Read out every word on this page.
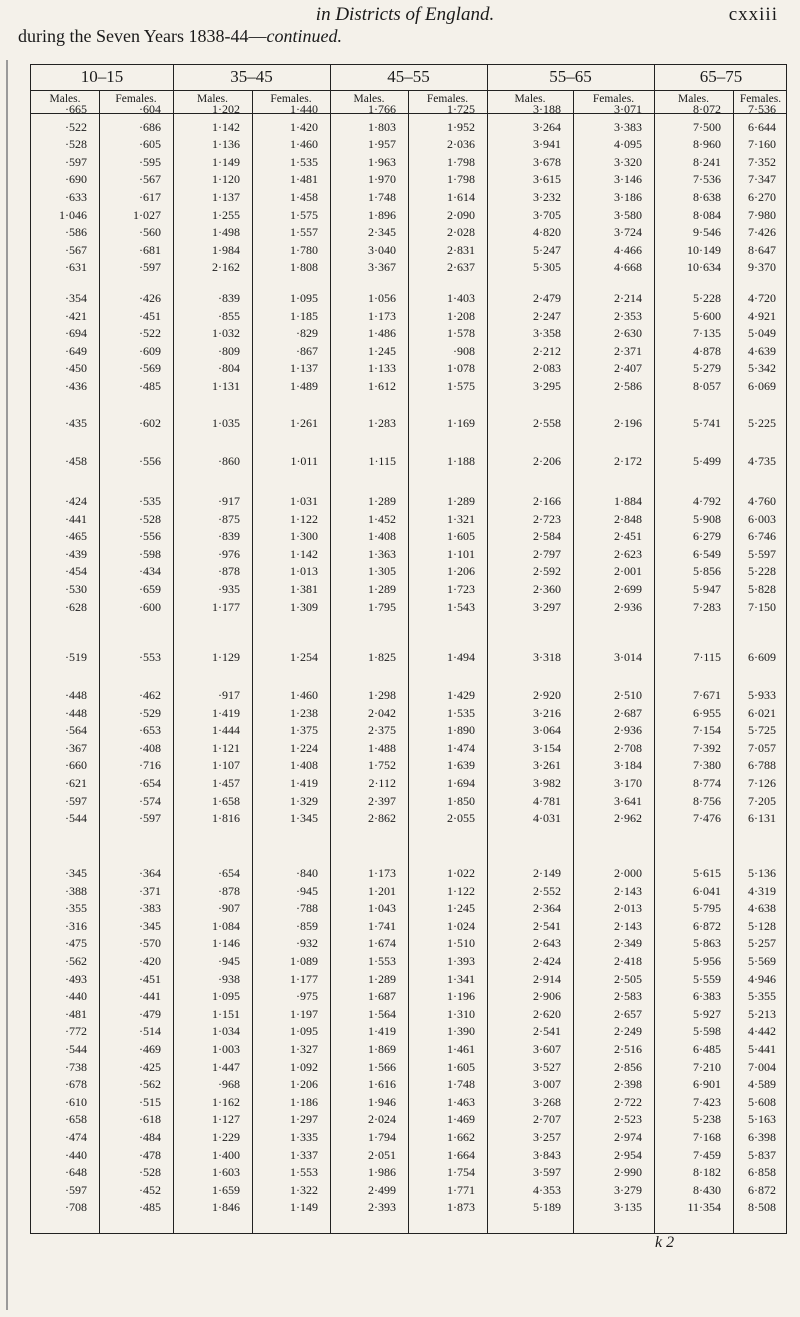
in Districts of England.	cxxiii
during the Seven Years 1838-44—continued.
10–15
Males.	Females.
35–45
Males.	Females.
45–55
Males.	Females.
55–65
Males.	Females.
65–75
Males.	Females.
·665	·604	1·202	1·440	1·766	1·725	3·188	3·071	8·072	7·536
·522	·686	1·142	1·420	1·803	1·952	3·264	3·383	7·500	6·644
·528	·605	1·136	1·460	1·957	2·036	3·941	4·095	8·960	7·160
·597	·595	1·149	1·535	1·963	1·798	3·678	3·320	8·241	7·352
·690	·567	1·120	1·481	1·970	1·798	3·615	3·146	7·536	7·347
·633	·617	1·137	1·458	1·748	1·614	3·232	3·186	8·638	6·270
1·046	1·027	1·255	1·575	1·896	2·090	3·705	3·580	8·084	7·980
·586	·560	1·498	1·557	2·345	2·028	4·820	3·724	9·546	7·426
·567	·681	1·984	1·780	3·040	2·831	5·247	4·466	10·149	8·647
·631	·597	2·162	1·808	3·367	2·637	5·305	4·668	10·634	9·370
·354	·426	·839	1·095	1·056	1·403	2·479	2·214	5·228	4·720
·421	·451	·855	1·185	1·173	1·208	2·247	2·353	5·600	4·921
·694	·522	1·032	·829	1·486	1·578	3·358	2·630	7·135	5·049
·649	·609	·809	·867	1·245	·908	2·212	2·371	4·878	4·639
·450	·569	·804	1·137	1·133	1·078	2·083	2·407	5·279	5·342
·436	·485	1·131	1·489	1·612	1·575	3·295	2·586	8·057	6·069
·435	·602	1·035	1·261	1·283	1·169	2·558	2·196	5·741	5·225
·458	·556	·860	1·011	1·115	1·188	2·206	2·172	5·499	4·735
·424	·535	·917	1·031	1·289	1·289	2·166	1·884	4·792	4·760
·441	·528	·875	1·122	1·452	1·321	2·723	2·848	5·908	6·003
·465	·556	·839	1·300	1·408	1·605	2·584	2·451	6·279	6·746
·439	·598	·976	1·142	1·363	1·101	2·797	2·623	6·549	5·597
·454	·434	·878	1·013	1·305	1·206	2·592	2·001	5·856	5·228
·530	·659	·935	1·381	1·289	1·723	2·360	2·699	5·947	5·828
·628	·600	1·177	1·309	1·795	1·543	3·297	2·936	7·283	7·150
·519	·553	1·129	1·254	1·825	1·494	3·318	3·014	7·115	6·609
·448	·462	·917	1·460	1·298	1·429	2·920	2·510	7·671	5·933
·448	·529	1·419	1·238	2·042	1·535	3·216	2·687	6·955	6·021
·564	·653	1·444	1·375	2·375	1·890	3·064	2·936	7·154	5·725
·367	·408	1·121	1·224	1·488	1·474	3·154	2·708	7·392	7·057
·660	·716	1·107	1·408	1·752	1·639	3·261	3·184	7·380	6·788
·621	·654	1·457	1·419	2·112	1·694	3·982	3·170	8·774	7·126
·597	·574	1·658	1·329	2·397	1·850	4·781	3·641	8·756	7·205
·544	·597	1·816	1·345	2·862	2·055	4·031	2·962	7·476	6·131
·345	·364	·654	·840	1·173	1·022	2·149	2·000	5·615	5·136
·388	·371	·878	·945	1·201	1·122	2·552	2·143	6·041	4·319
·355	·383	·907	·788	1·043	1·245	2·364	2·013	5·795	4·638
·316	·345	1·084	·859	1·741	1·024	2·541	2·143	6·872	5·128
·475	·570	1·146	·932	1·674	1·510	2·643	2·349	5·863	5·257
·562	·420	·945	1·089	1·553	1·393	2·424	2·418	5·956	5·569
·493	·451	·938	1·177	1·289	1·341	2·914	2·505	5·559	4·946
·440	·441	1·095	·975	1·687	1·196	2·906	2·583	6·383	5·355
·481	·479	1·151	1·197	1·564	1·310	2·620	2·657	5·927	5·213
·772	·514	1·034	1·095	1·419	1·390	2·541	2·249	5·598	4·442
·544	·469	1·003	1·327	1·869	1·461	3·607	2·516	6·485	5·441
·738	·425	1·447	1·092	1·566	1·605	3·527	2·856	7·210	7·004
·678	·562	·968	1·206	1·616	1·748	3·007	2·398	6·901	4·589
·610	·515	1·162	1·186	1·946	1·463	3·268	2·722	7·423	5·608
·658	·618	1·127	1·297	2·024	1·469	2·707	2·523	5·238	5·163
·474	·484	1·229	1·335	1·794	1·662	3·257	2·974	7·168	6·398
·440	·478	1·400	1·337	2·051	1·664	3·843	2·954	7·459	5·837
·648	·528	1·603	1·553	1·986	1·754	3·597	2·990	8·182	6·858
·597	·452	1·659	1·322	2·499	1·771	4·353	3·279	8·430	6·872
·708	·485	1·846	1·149	2·393	1·873	5·189	3·135	11·354	8·508
k 2
